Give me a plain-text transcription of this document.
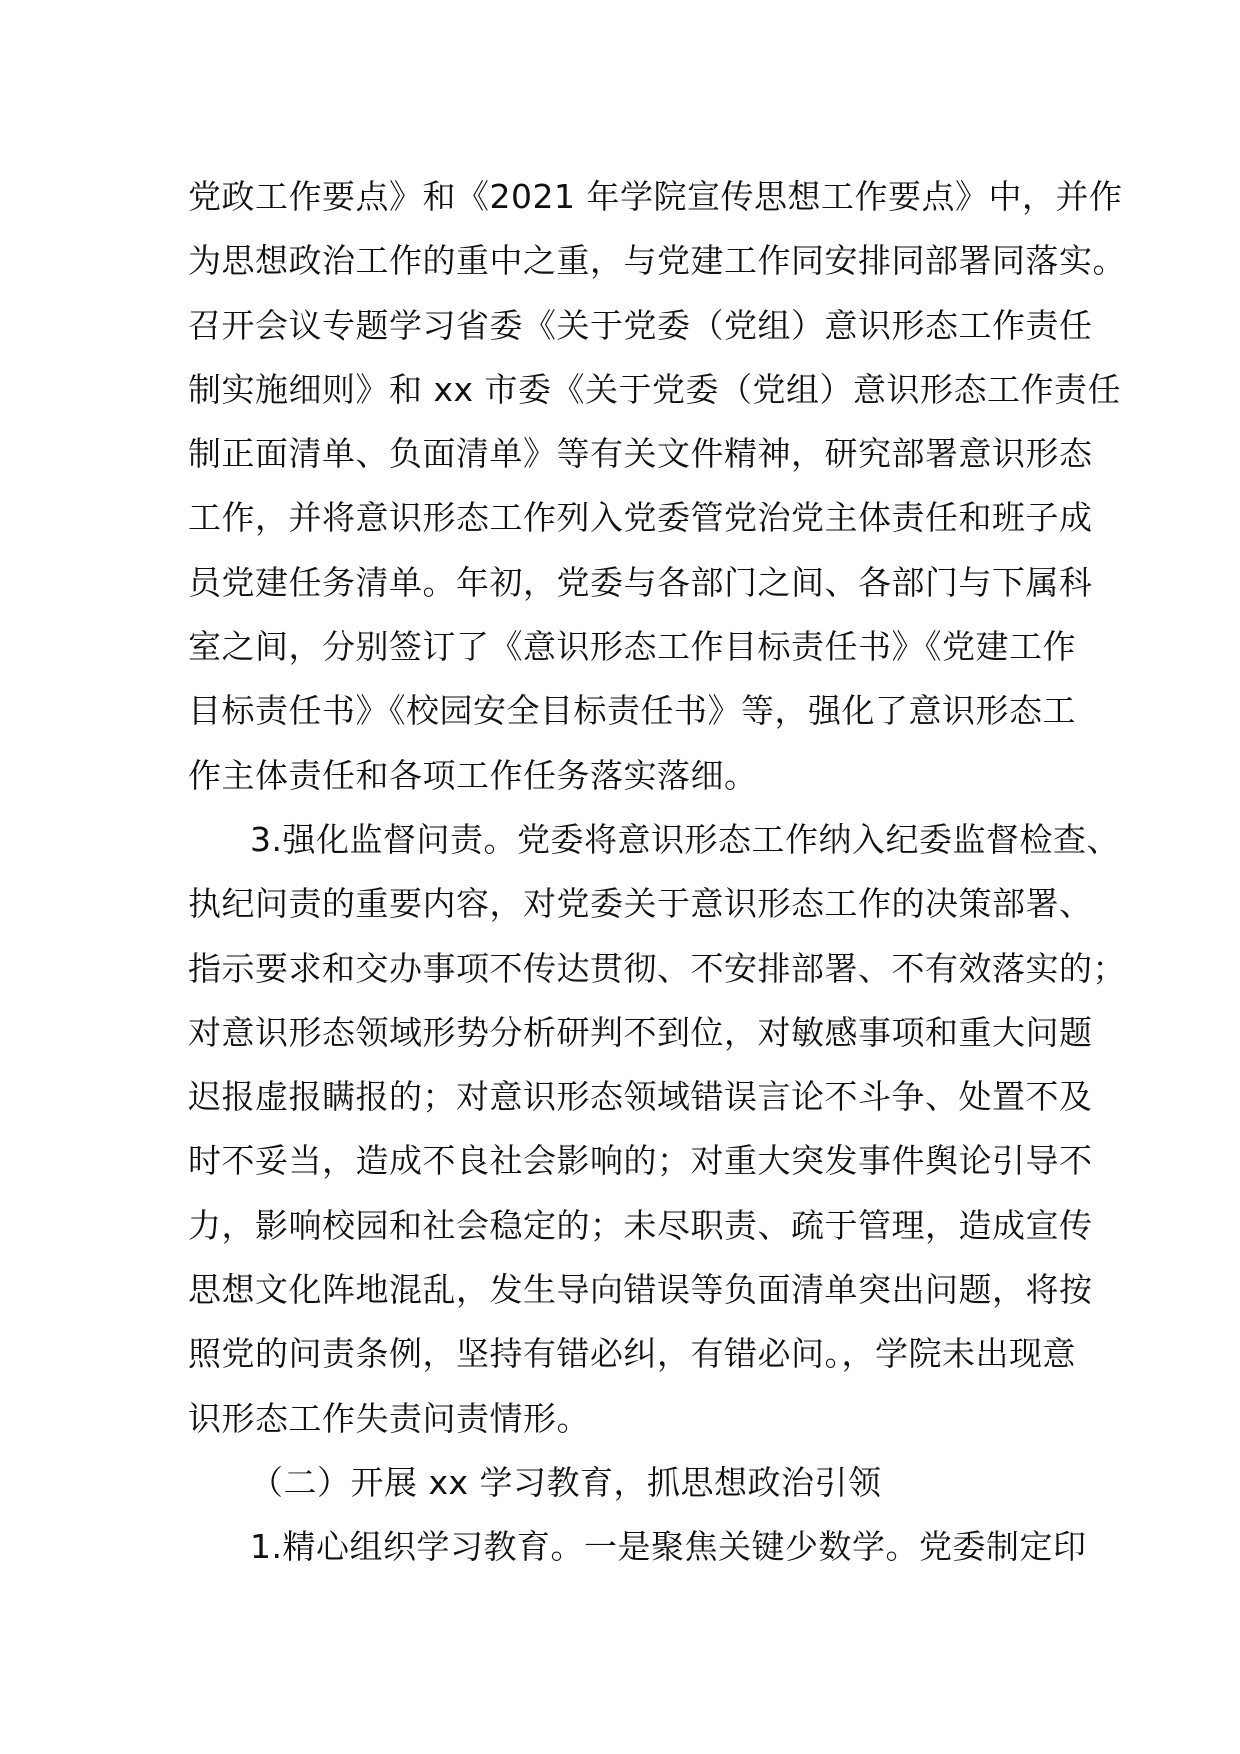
党政工作要点》和《2021 年学院宣传思想工作要点》中，并作
为思想政治工作的重中之重，与党建工作同安排同部署同落实。
召开会议专题学习省委《关于党委（党组）意识形态工作责任
制实施细则》和 xx 市委《关于党委（党组）意识形态工作责任
制正面清单、负面清单》等有关文件精神，研究部署意识形态
工作，并将意识形态工作列入党委管党治党主体责任和班子成
员党建任务清单。年初，党委与各部门之间、各部门与下属科
室之间，分别签订了《意识形态工作目标责任书》《党建工作
目标责任书》《校园安全目标责任书》等，强化了意识形态工
作主体责任和各项工作任务落实落细。
3.强化监督问责。党委将意识形态工作纳入纪委监督检查、
执纪问责的重要内容，对党委关于意识形态工作的决策部署、
指示要求和交办事项不传达贯彻、不安排部署、不有效落实的；
对意识形态领域形势分析研判不到位，对敏感事项和重大问题
迟报虚报瞒报的；对意识形态领域错误言论不斗争、处置不及
时不妥当，造成不良社会影响的；对重大突发事件舆论引导不
力，影响校园和社会稳定的；未尽职责、疏于管理，造成宣传
思想文化阵地混乱，发生导向错误等负面清单突出问题，将按
照党的问责条例，坚持有错必纠，有错必问。，学院未出现意
识形态工作失责问责情形。
（二）开展 xx 学习教育，抓思想政治引领
1.精心组织学习教育。一是聚焦关键少数学。党委制定印
